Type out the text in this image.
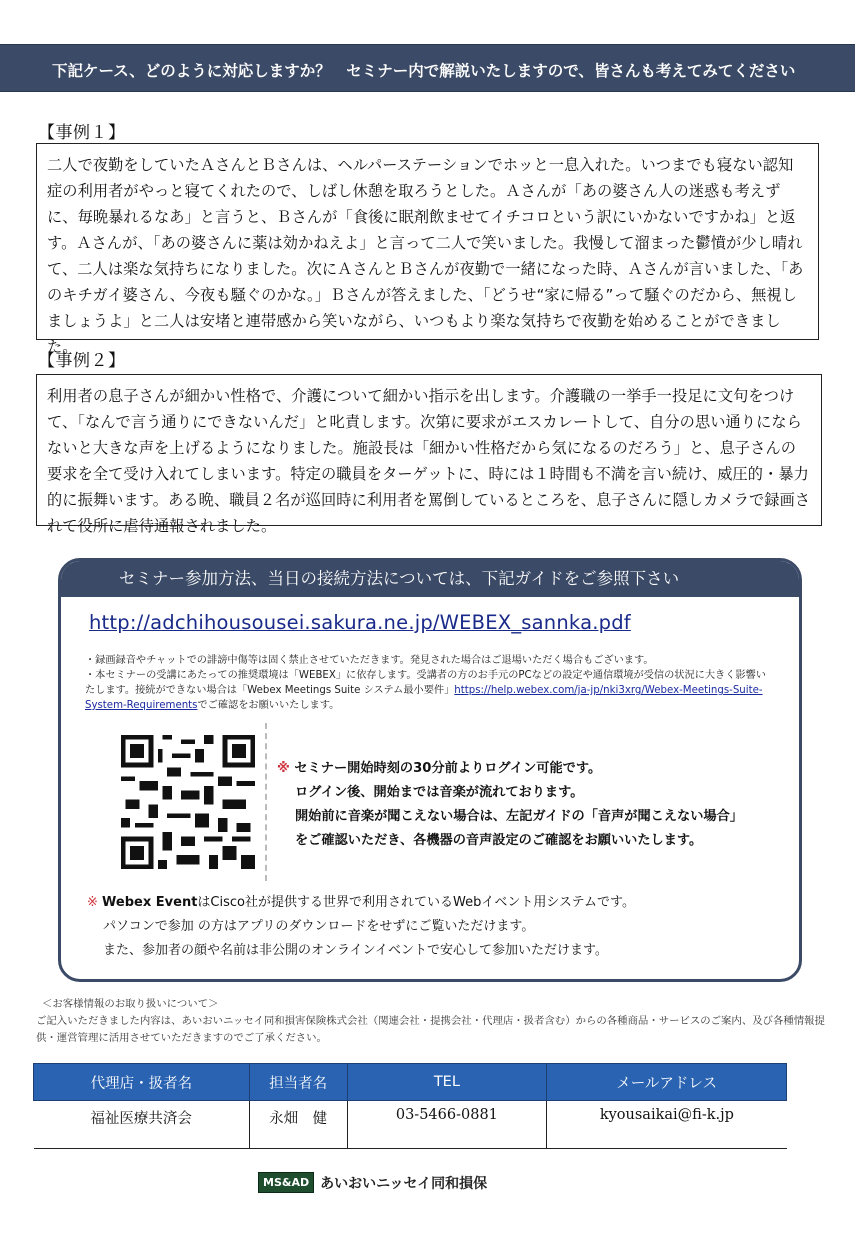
下記ケース、どのように対応しますか？　セミナー内で解説いたしますので、皆さんも考えてみてください
【事例１】
二人で夜勤をしていたＡさんとＢさんは、ヘルパーステーションでホッと一息入れた。いつまでも寝ない認知症の利用者がやっと寝てくれたので、しばし休憩を取ろうとした。Ａさんが「あの婆さん人の迷惑も考えずに、毎晩暴れるなあ」と言うと、Ｂさんが「食後に眠剤飲ませてイチコロという訳にいかないですかね」と返す。Ａさんが、「あの婆さんに薬は効かねえよ」と言って二人で笑いました。我慢して溜まった鬱憤が少し晴れて、二人は楽な気持ちになりました。次にＡさんとＢさんが夜勤で一緒になった時、Ａさんが言いました、「あのキチガイ婆さん、今夜も騒ぐのかな。」Ｂさんが答えました、「どうせ“家に帰る”って騒ぐのだから、無視しましょうよ」と二人は安堵と連帯感から笑いながら、いつもより楽な気持ちで夜勤を始めることができました。
【事例２】
利用者の息子さんが細かい性格で、介護について細かい指示を出します。介護職の一挙手一投足に文句をつけて、「なんで言う通りにできないんだ」と叱責します。次第に要求がエスカレートして、自分の思い通りにならないと大きな声を上げるようになりました。施設長は「細かい性格だから気になるのだろう」と、息子さんの要求を全て受け入れてしまいます。特定の職員をターゲットに、時には１時間も不満を言い続け、威圧的・暴力的に振舞います。ある晩、職員２名が巡回時に利用者を罵倒しているところを、息子さんに隠しカメラで録画されて役所に虐待通報されました。
セミナー参加方法、当日の接続方法については、下記ガイドをご参照下さい
http://adchihousousei.sakura.ne.jp/WEBEX_sannka.pdf
・録画録音やチャットでの誹謗中傷等は固く禁止させていただきます。発見された場合はご退場いただく場合もございます。
・本セミナーの受講にあたっての推奨環境は「WEBEX」に依存します。受講者の方のお手元のPCなどの設定や通信環境が受信の状況に大きく影響いたします。接続ができない場合は「Webex Meetings Suite システム最小要件」https://help.webex.com/ja-jp/nki3xrg/Webex-Meetings-Suite-System-Requirementsでご確認をお願いいたします。
※ セミナー開始時刻の30分前よりログイン可能です。
ログイン後、開始までは音楽が流れております。
開始前に音楽が聞こえない場合は、左記ガイドの「音声が聞こえない場合」
をご確認いただき、各機器の音声設定のご確認をお願いいたします。
※ Webex EventはCisco社が提供する世界で利用されているWebイベント用システムです。
パソコンで参加 の方はアプリのダウンロードをせずにご覧いただけます。
また、参加者の顔や名前は非公開のオンラインイベントで安心して参加いただけます。
＜お客様情報のお取り扱いについて＞
ご記入いただきました内容は、あいおいニッセイ同和損害保険株式会社（関連会社・提携会社・代理店・扱者含む）からの各種商品・サービスのご案内、及び各種情報提供・運営管理に活用させていただきますのでご了承ください。
代理店・扱者名	担当者名	TEL	メールアドレス
福祉医療共済会	永畑　健	03-5466-0881	kyousaikai@fi-k.jp
MS&AD あいおいニッセイ同和損保
